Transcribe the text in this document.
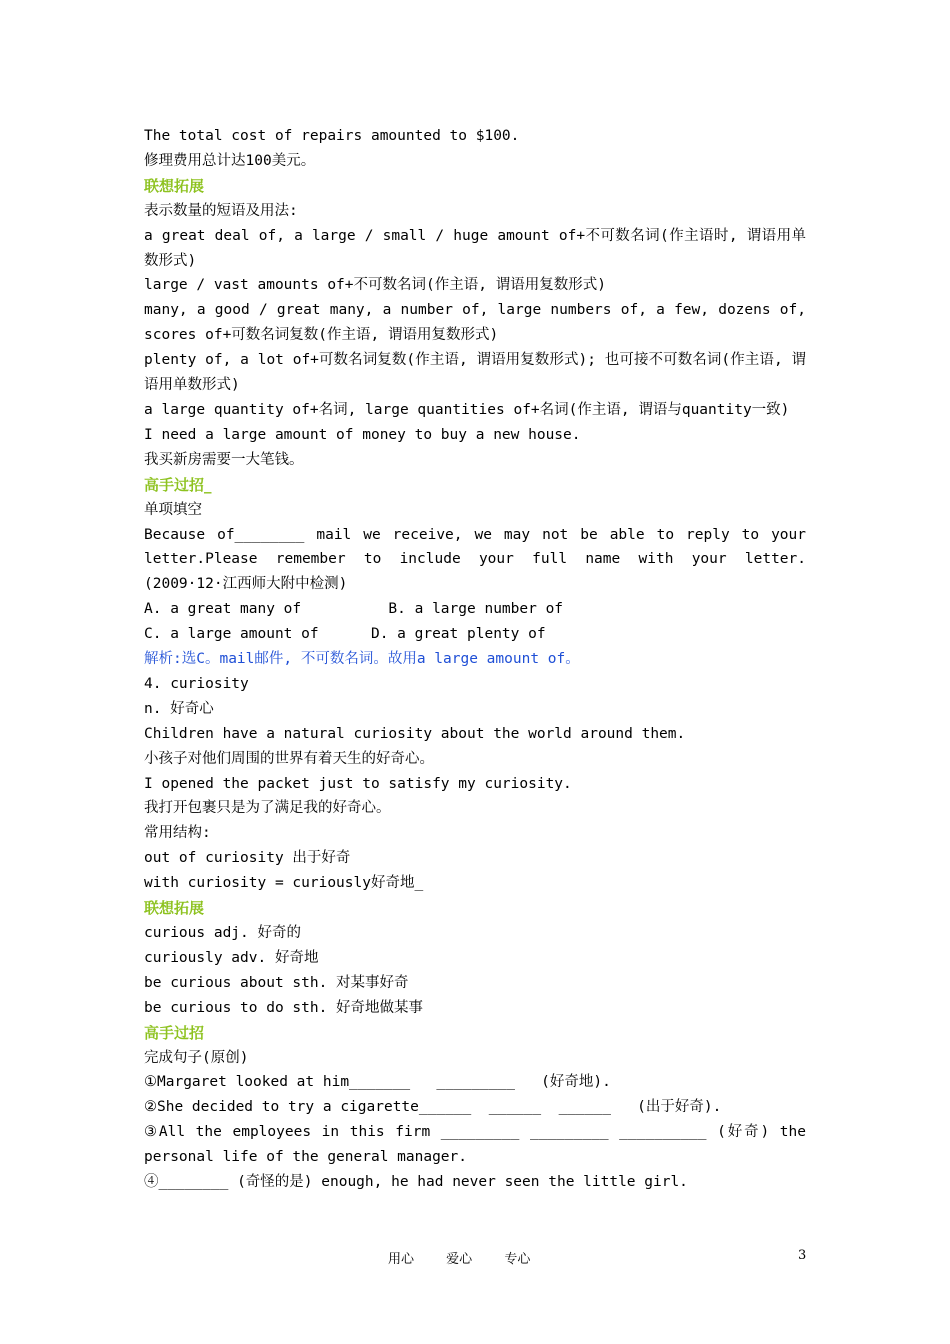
The total cost of repairs amounted to $100.
修理费用总计达100美元。
联想拓展
表示数量的短语及用法:
a great deal of, a large / small / huge amount of+不可数名词(作主语时, 谓语用单数形式)
large / vast amounts of+不可数名词(作主语, 谓语用复数形式)
many, a good / great many, a number of, large numbers of, a few, dozens of, scores of+可数名词复数(作主语, 谓语用复数形式)
plenty of, a lot of+可数名词复数(作主语, 谓语用复数形式); 也可接不可数名词(作主语, 谓语用单数形式)
a large quantity of+名词, large quantities of+名词(作主语, 谓语与quantity一致)
I need a large amount of money to buy a new house.
我买新房需要一大笔钱。
高手过招_
单项填空
Because of________ mail we receive, we may not be able to reply to your letter.Please remember to include your full name with your letter. (2009·12·江西师大附中检测)
A. a great many of          B. a large number of
C. a large amount of      D. a great plenty of
解析:选C。mail邮件, 不可数名词。故用a large amount of。
4. curiosity
n. 好奇心
Children have a natural curiosity about the world around them.
小孩子对他们周围的世界有着天生的好奇心。
I opened the packet just to satisfy my curiosity.
我打开包裹只是为了满足我的好奇心。
常用结构:
out of curiosity 出于好奇
with curiosity = curiously好奇地_
联想拓展
curious adj. 好奇的
curiously adv. 好奇地
be curious about sth. 对某事好奇
be curious to do sth. 好奇地做某事
高手过招
完成句子(原创)
①Margaret looked at him_______   _________   (好奇地).
②She decided to try a cigarette______  ______  ______   (出于好奇).
③All the employees in this firm _________ _________ __________ (好奇) the personal life of the general manager.
④________ (奇怪的是) enough, he had never seen the little girl.
用心 爱心 专心	3
